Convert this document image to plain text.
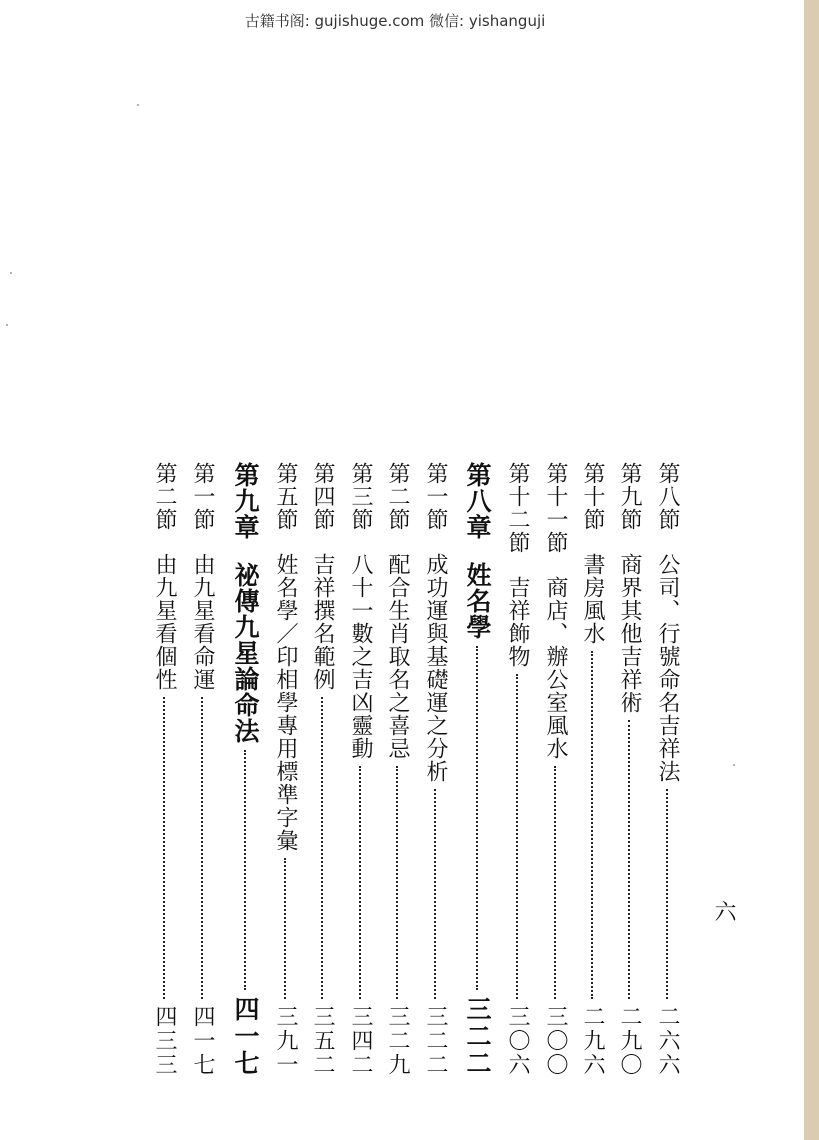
古籍书阁: gujishuge.com 微信: yishanguji
六
第八節
公司、行號命名吉祥法
二六六
第九節
商界其他吉祥術
二九〇
第十節
書房風水
二九六
第十一節
商店、辦公室風水
三〇〇
第十二節
吉祥飾物
三〇六
第八章
姓名學
三二二
第一節
成功運與基礎運之分析
三二二
第二節
配合生肖取名之喜忌
三二九
第三節
八十一數之吉凶靈動
三四二
第四節
吉祥撰名範例
三五二
第五節
姓名學／印相學專用標準字彙
三九一
第九章
祕傳九星論命法
四一七
第一節
由九星看命運
四一七
第二節
由九星看個性
四三三
